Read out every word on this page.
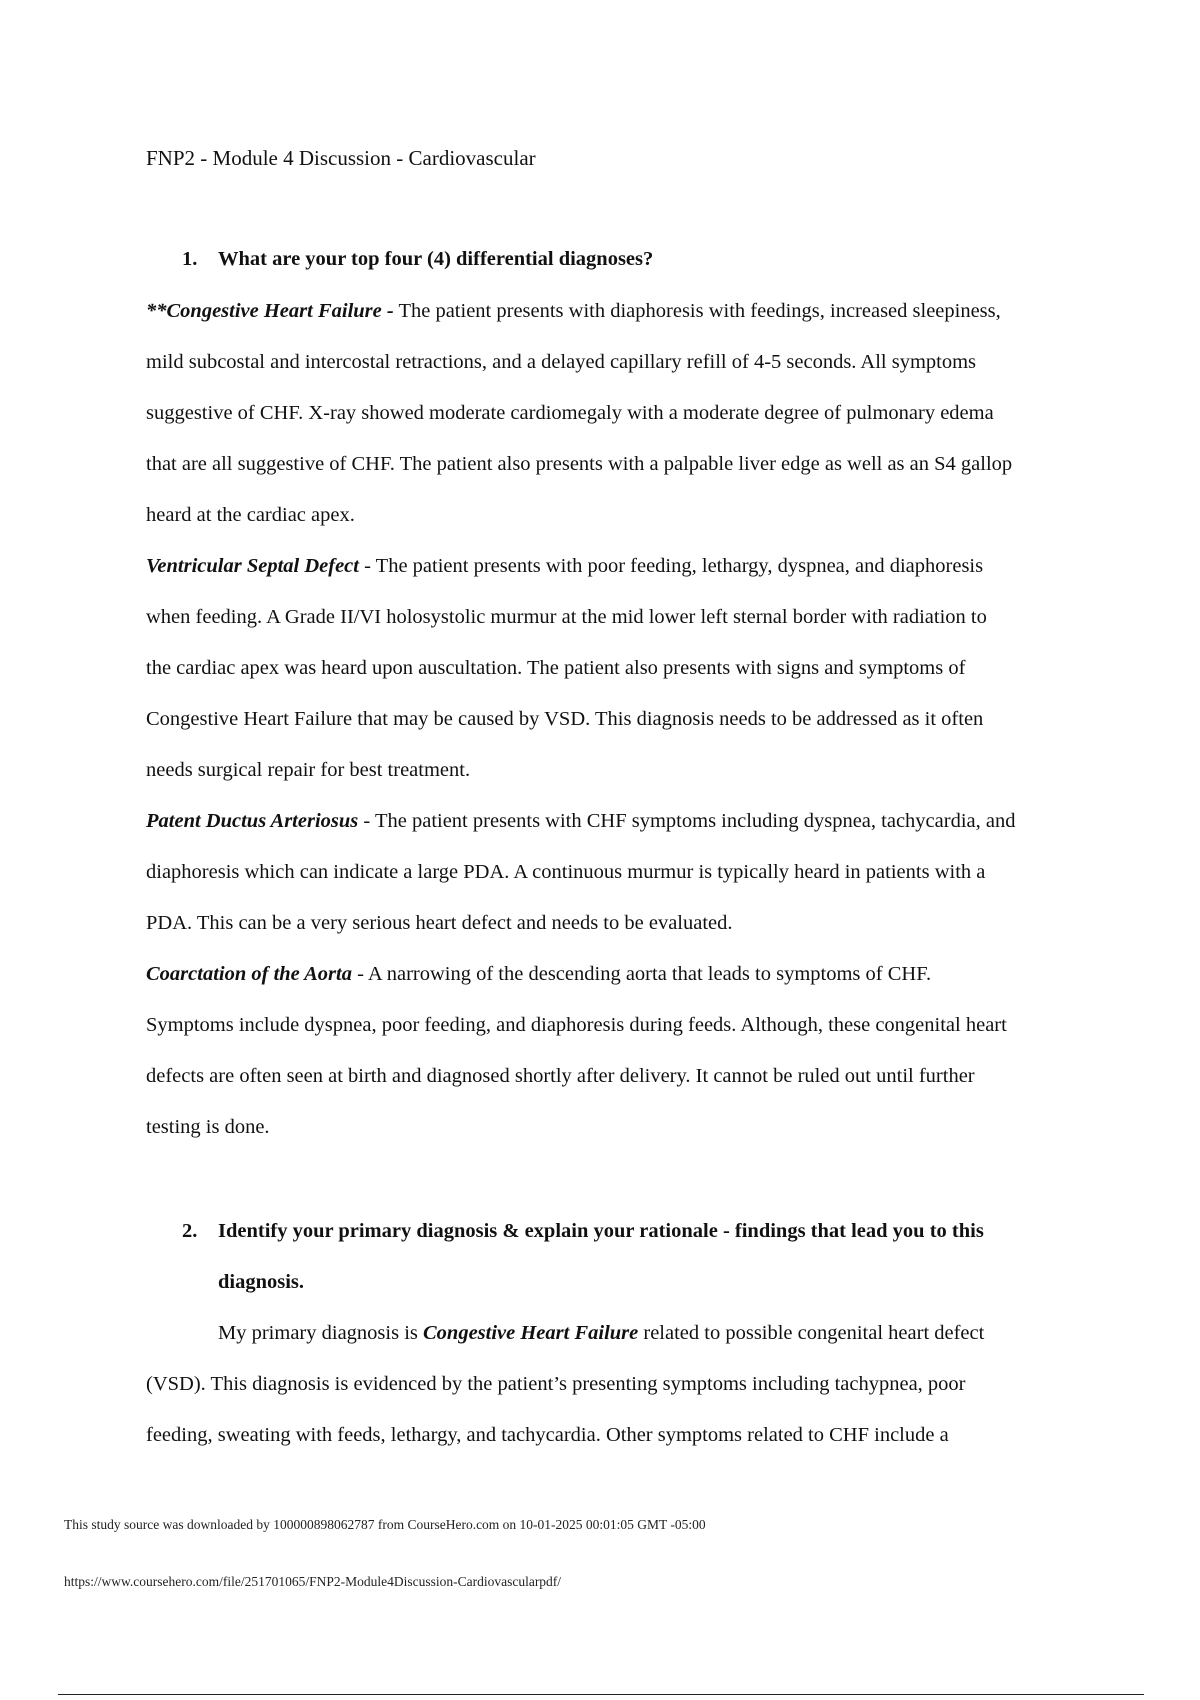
FNP2 - Module 4 Discussion - Cardiovascular
1. What are your top four (4) differential diagnoses?
**Congestive Heart Failure - The patient presents with diaphoresis with feedings, increased sleepiness,
mild subcostal and intercostal retractions, and a delayed capillary refill of 4-5 seconds. All symptoms
suggestive of CHF. X-ray showed moderate cardiomegaly with a moderate degree of pulmonary edema
that are all suggestive of CHF. The patient also presents with a palpable liver edge as well as an S4 gallop
heard at the cardiac apex.
Ventricular Septal Defect - The patient presents with poor feeding, lethargy, dyspnea, and diaphoresis
when feeding. A Grade II/VI holosystolic murmur at the mid lower left sternal border with radiation to
the cardiac apex was heard upon auscultation. The patient also presents with signs and symptoms of
Congestive Heart Failure that may be caused by VSD. This diagnosis needs to be addressed as it often
needs surgical repair for best treatment.
Patent Ductus Arteriosus - The patient presents with CHF symptoms including dyspnea, tachycardia, and
diaphoresis which can indicate a large PDA. A continuous murmur is typically heard in patients with a
PDA. This can be a very serious heart defect and needs to be evaluated.
Coarctation of the Aorta - A narrowing of the descending aorta that leads to symptoms of CHF.
Symptoms include dyspnea, poor feeding, and diaphoresis during feeds. Although, these congenital heart
defects are often seen at birth and diagnosed shortly after delivery. It cannot be ruled out until further
testing is done.
2. Identify your primary diagnosis & explain your rationale - findings that lead you to this
diagnosis.
My primary diagnosis is Congestive Heart Failure related to possible congenital heart defect
(VSD). This diagnosis is evidenced by the patient’s presenting symptoms including tachypnea, poor
feeding, sweating with feeds, lethargy, and tachycardia. Other symptoms related to CHF include a
This study source was downloaded by 100000898062787 from CourseHero.com on 10-01-2025 00:01:05 GMT -05:00
https://www.coursehero.com/file/251701065/FNP2-Module4Discussion-Cardiovascularpdf/
